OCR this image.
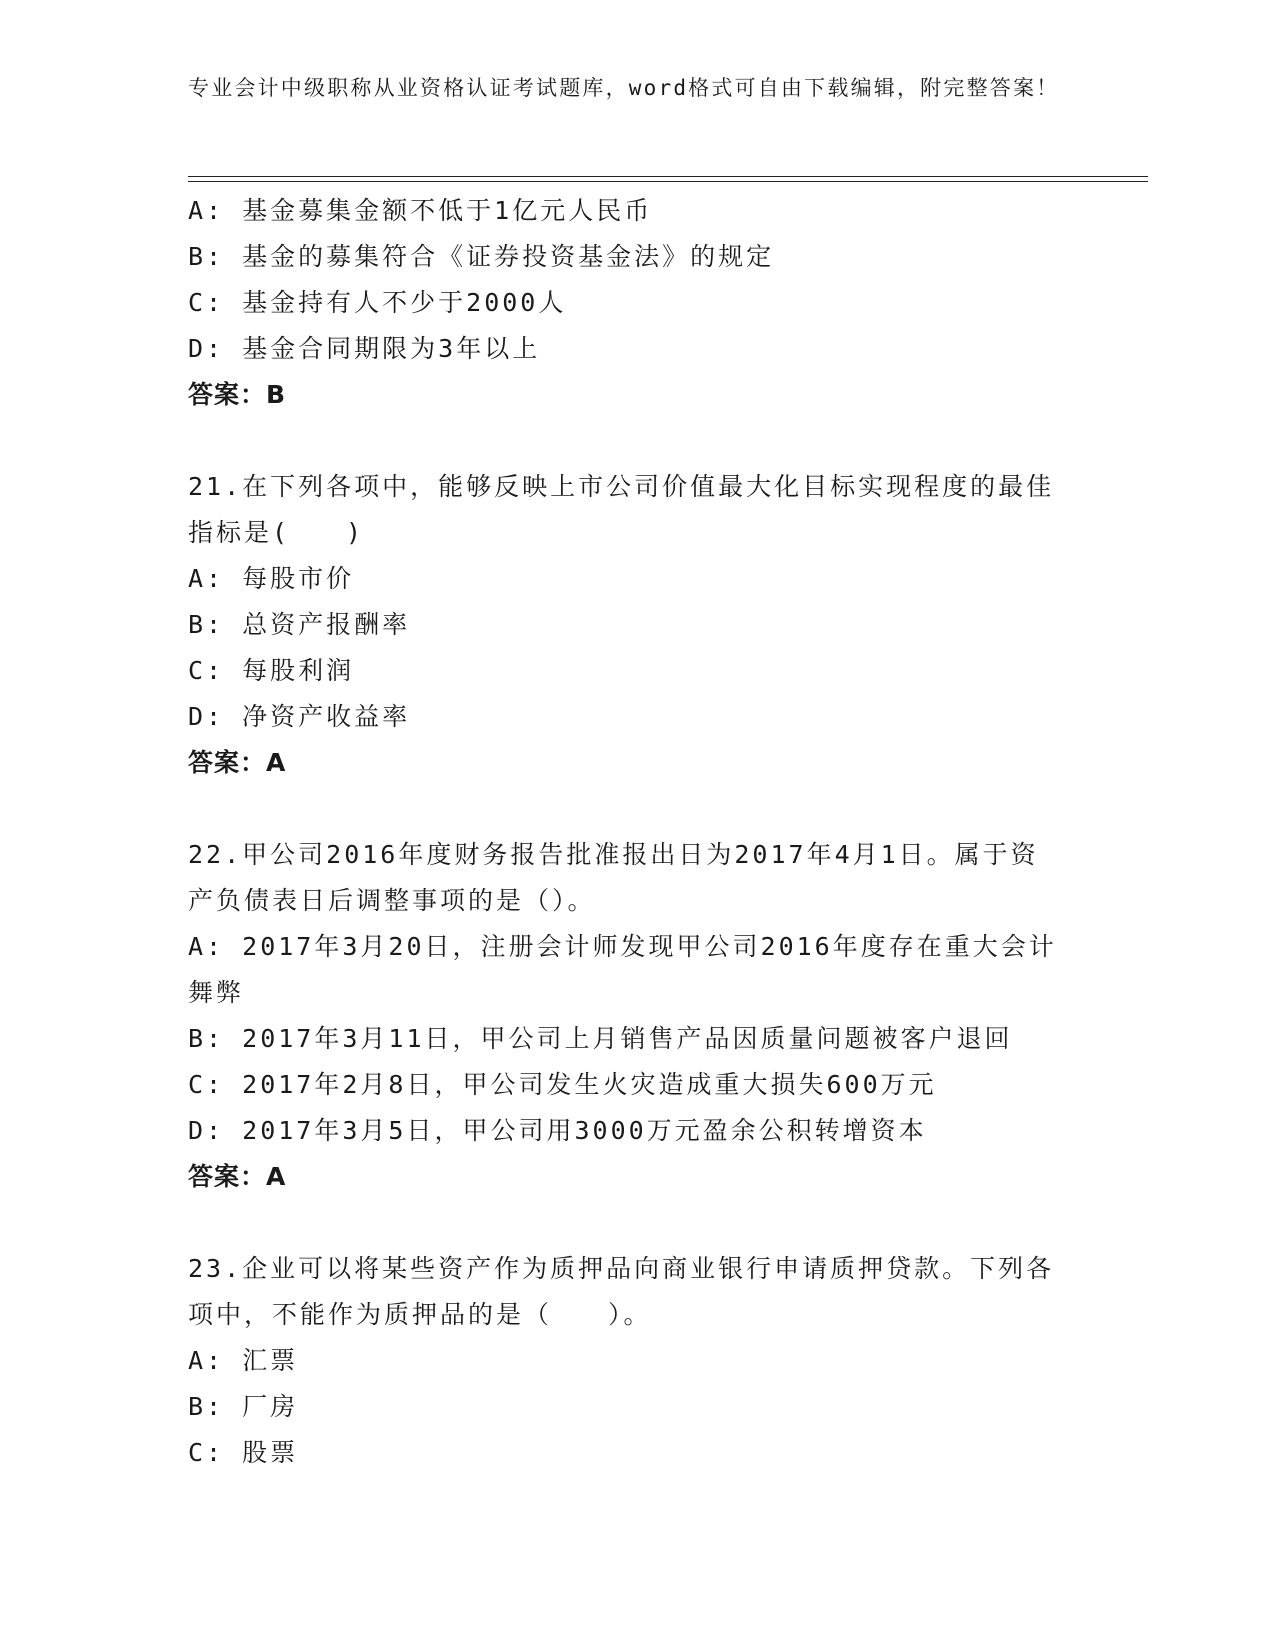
专业会计中级职称从业资格认证考试题库，word格式可自由下载编辑，附完整答案！
A: 基金募集金额不低于1亿元人民币
B: 基金的募集符合《证券投资基金法》的规定
C: 基金持有人不少于2000人
D: 基金合同期限为3年以上
答案：B
21.在下列各项中，能够反映上市公司价值最大化目标实现程度的最佳
指标是(　　)
A: 每股市价
B: 总资产报酬率
C: 每股利润
D: 净资产收益率
答案：A
22.甲公司2016年度财务报告批准报出日为2017年4月1日。属于资
产负债表日后调整事项的是（）。
A: 2017年3月20日，注册会计师发现甲公司2016年度存在重大会计
舞弊
B: 2017年3月11日，甲公司上月销售产品因质量问题被客户退回
C: 2017年2月8日，甲公司发生火灾造成重大损失600万元
D: 2017年3月5日，甲公司用3000万元盈余公积转增资本
答案：A
23.企业可以将某些资产作为质押品向商业银行申请质押贷款。下列各
项中，不能作为质押品的是（　　）。
A: 汇票
B: 厂房
C: 股票
